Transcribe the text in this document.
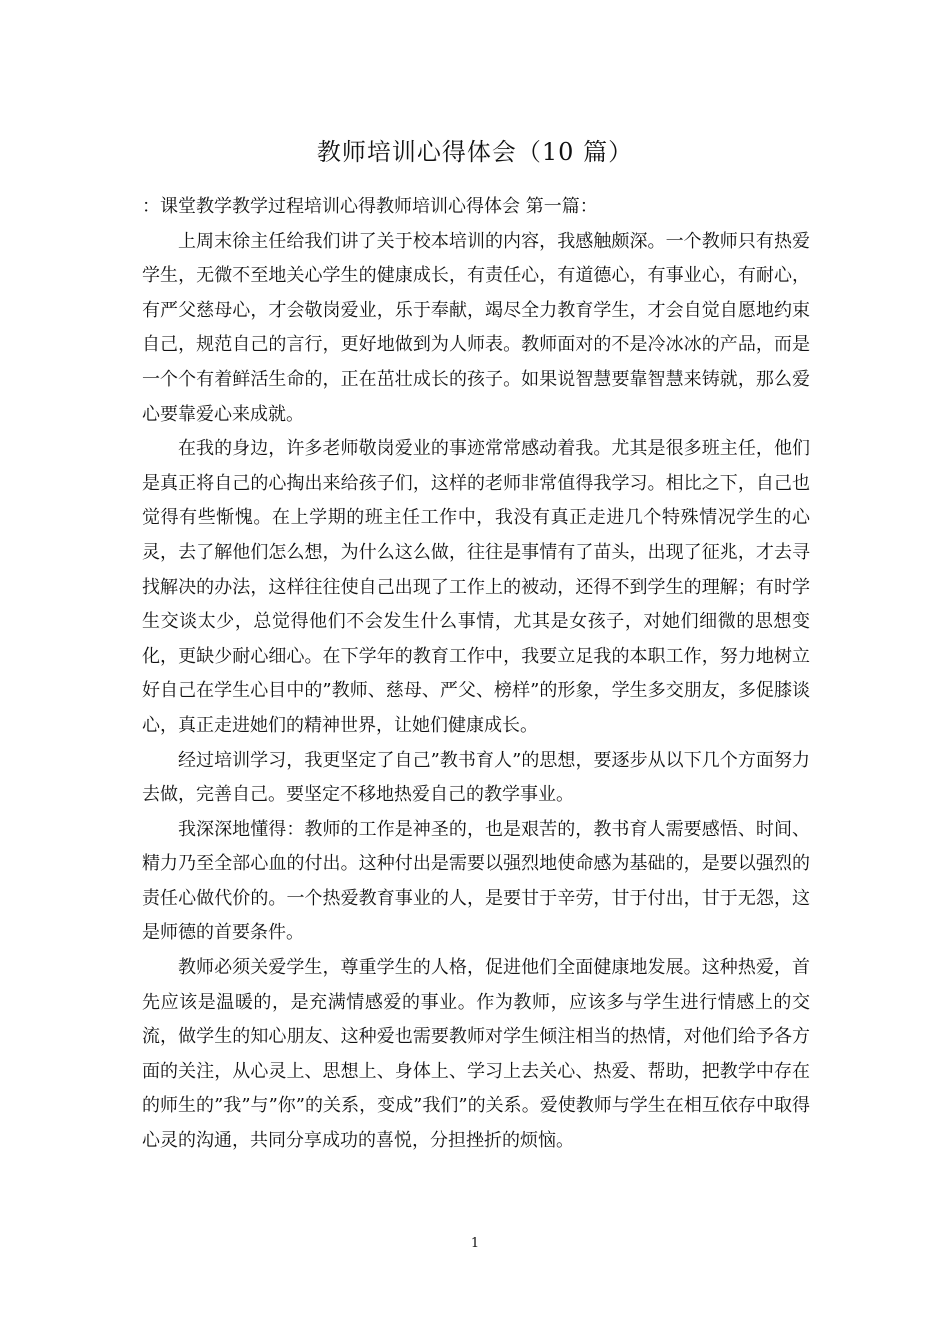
教师培训心得体会（10 篇）

：课堂教学教学过程培训心得教师培训心得体会 第一篇：

上周末徐主任给我们讲了关于校本培训的内容，我感触颇深。一个教师只有热爱学生，无微不至地关心学生的健康成长，有责任心，有道德心，有事业心，有耐心，有严父慈母心，才会敬岗爱业，乐于奉献，竭尽全力教育学生，才会自觉自愿地约束自己，规范自己的言行，更好地做到为人师表。教师面对的不是冷冰冰的产品，而是一个个有着鲜活生命的，正在茁壮成长的孩子。如果说智慧要靠智慧来铸就，那么爱心要靠爱心来成就。

在我的身边，许多老师敬岗爱业的事迹常常感动着我。尤其是很多班主任，他们是真正将自己的心掏出来给孩子们，这样的老师非常值得我学习。相比之下，自己也觉得有些惭愧。在上学期的班主任工作中，我没有真正走进几个特殊情况学生的心灵，去了解他们怎么想，为什么这么做，往往是事情有了苗头，出现了征兆，才去寻找解决的办法，这样往往使自己出现了工作上的被动，还得不到学生的理解；有时学生交谈太少，总觉得他们不会发生什么事情，尤其是女孩子，对她们细微的思想变化，更缺少耐心细心。在下学年的教育工作中，我要立足我的本职工作，努力地树立好自己在学生心目中的”教师、慈母、严父、榜样”的形象，学生多交朋友，多促膝谈心，真正走进她们的精神世界，让她们健康成长。

经过培训学习，我更坚定了自己”教书育人”的思想，要逐步从以下几个方面努力去做，完善自己。要坚定不移地热爱自己的教学事业。

我深深地懂得：教师的工作是神圣的，也是艰苦的，教书育人需要感悟、时间、精力乃至全部心血的付出。这种付出是需要以强烈地使命感为基础的，是要以强烈的责任心做代价的。一个热爱教育事业的人，是要甘于辛劳，甘于付出，甘于无怨，这是师德的首要条件。

教师必须关爱学生，尊重学生的人格，促进他们全面健康地发展。这种热爱，首先应该是温暖的，是充满情感爱的事业。作为教师，应该多与学生进行情感上的交流，做学生的知心朋友、这种爱也需要教师对学生倾注相当的热情，对他们给予各方面的关注，从心灵上、思想上、身体上、学习上去关心、热爱、帮助，把教学中存在的师生的”我”与”你”的关系，变成”我们”的关系。爱使教师与学生在相互依存中取得心灵的沟通，共同分享成功的喜悦，分担挫折的烦恼。

1
